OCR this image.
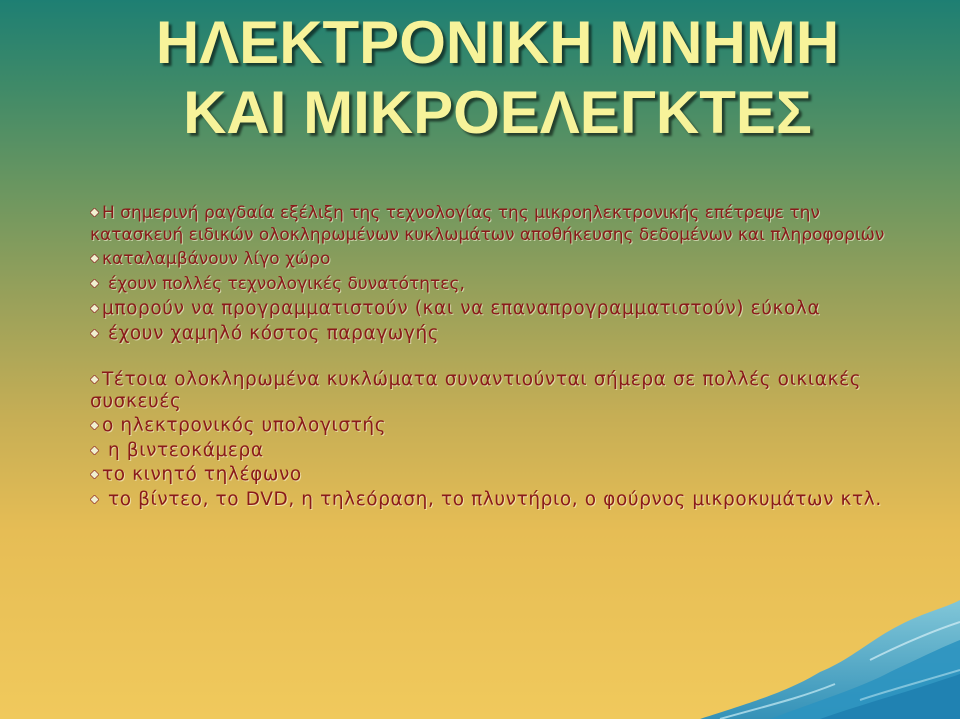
ΗΛΕΚΤΡΟΝΙΚΗ ΜΝΗΜΗ
ΚΑΙ ΜΙΚΡΟΕΛΕΓΚΤΕΣ

Η σημερινή ραγδαία εξέλιξη της τεχνολογίας της μικροηλεκτρονικής επέτρεψε την κατασκευή ειδικών ολοκληρωμένων κυκλωμάτων αποθήκευσης δεδομένων και πληροφοριών

καταλαμβάνουν λίγο χώρο

έχουν πολλές τεχνολογικές δυνατότητες,

μπορούν να προγραμματιστούν (και να επαναπρογραμματιστούν) εύκολα

έχουν χαμηλό κόστος παραγωγής

Τέτοια ολοκληρωμένα κυκλώματα συναντιούνται σήμερα σε πολλές οικιακές συσκευές

ο ηλεκτρονικός υπολογιστής

η βιντεοκάμερα

το κινητό τηλέφωνο

το βίντεο, το DVD, η τηλεόραση, το πλυντήριο, ο φούρνος μικροκυμάτων κτλ.
